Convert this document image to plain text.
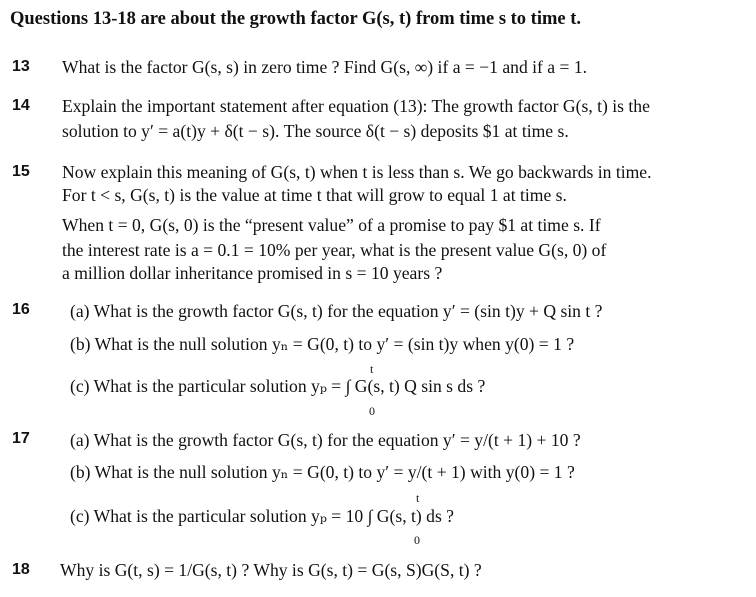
Questions 13-18 are about the growth factor G(s, t) from time s to time t.
13 What is the factor G(s, s) in zero time ? Find G(s, ∞) if a = −1 and if a = 1.
14 Explain the important statement after equation (13): The growth factor G(s, t) is the
solution to y′ = a(t)y + δ(t − s). The source δ(t − s) deposits $1 at time s.
15 Now explain this meaning of G(s, t) when t is less than s. We go backwards in time.
For t < s, G(s, t) is the value at time t that will grow to equal 1 at time s.
When t = 0, G(s, 0) is the “present value” of a promise to pay $1 at time s. If
the interest rate is a = 0.1 = 10% per year, what is the present value G(s, 0) of
a million dollar inheritance promised in s = 10 years ?
16 (a) What is the growth factor G(s, t) for the equation y′ = (sin t)y + Q sin t ?
(b) What is the null solution yₙ = G(0, t) to y′ = (sin t)y when y(0) = 1 ?
t
(c) What is the particular solution yₚ = ∫ G(s, t) Q sin s ds ?
0
17 (a) What is the growth factor G(s, t) for the equation y′ = y/(t + 1) + 10 ?
(b) What is the null solution yₙ = G(0, t) to y′ = y/(t + 1) with y(0) = 1 ?
t
(c) What is the particular solution yₚ = 10 ∫ G(s, t) ds ?
0
18 Why is G(t, s) = 1/G(s, t) ? Why is G(s, t) = G(s, S)G(S, t) ?
